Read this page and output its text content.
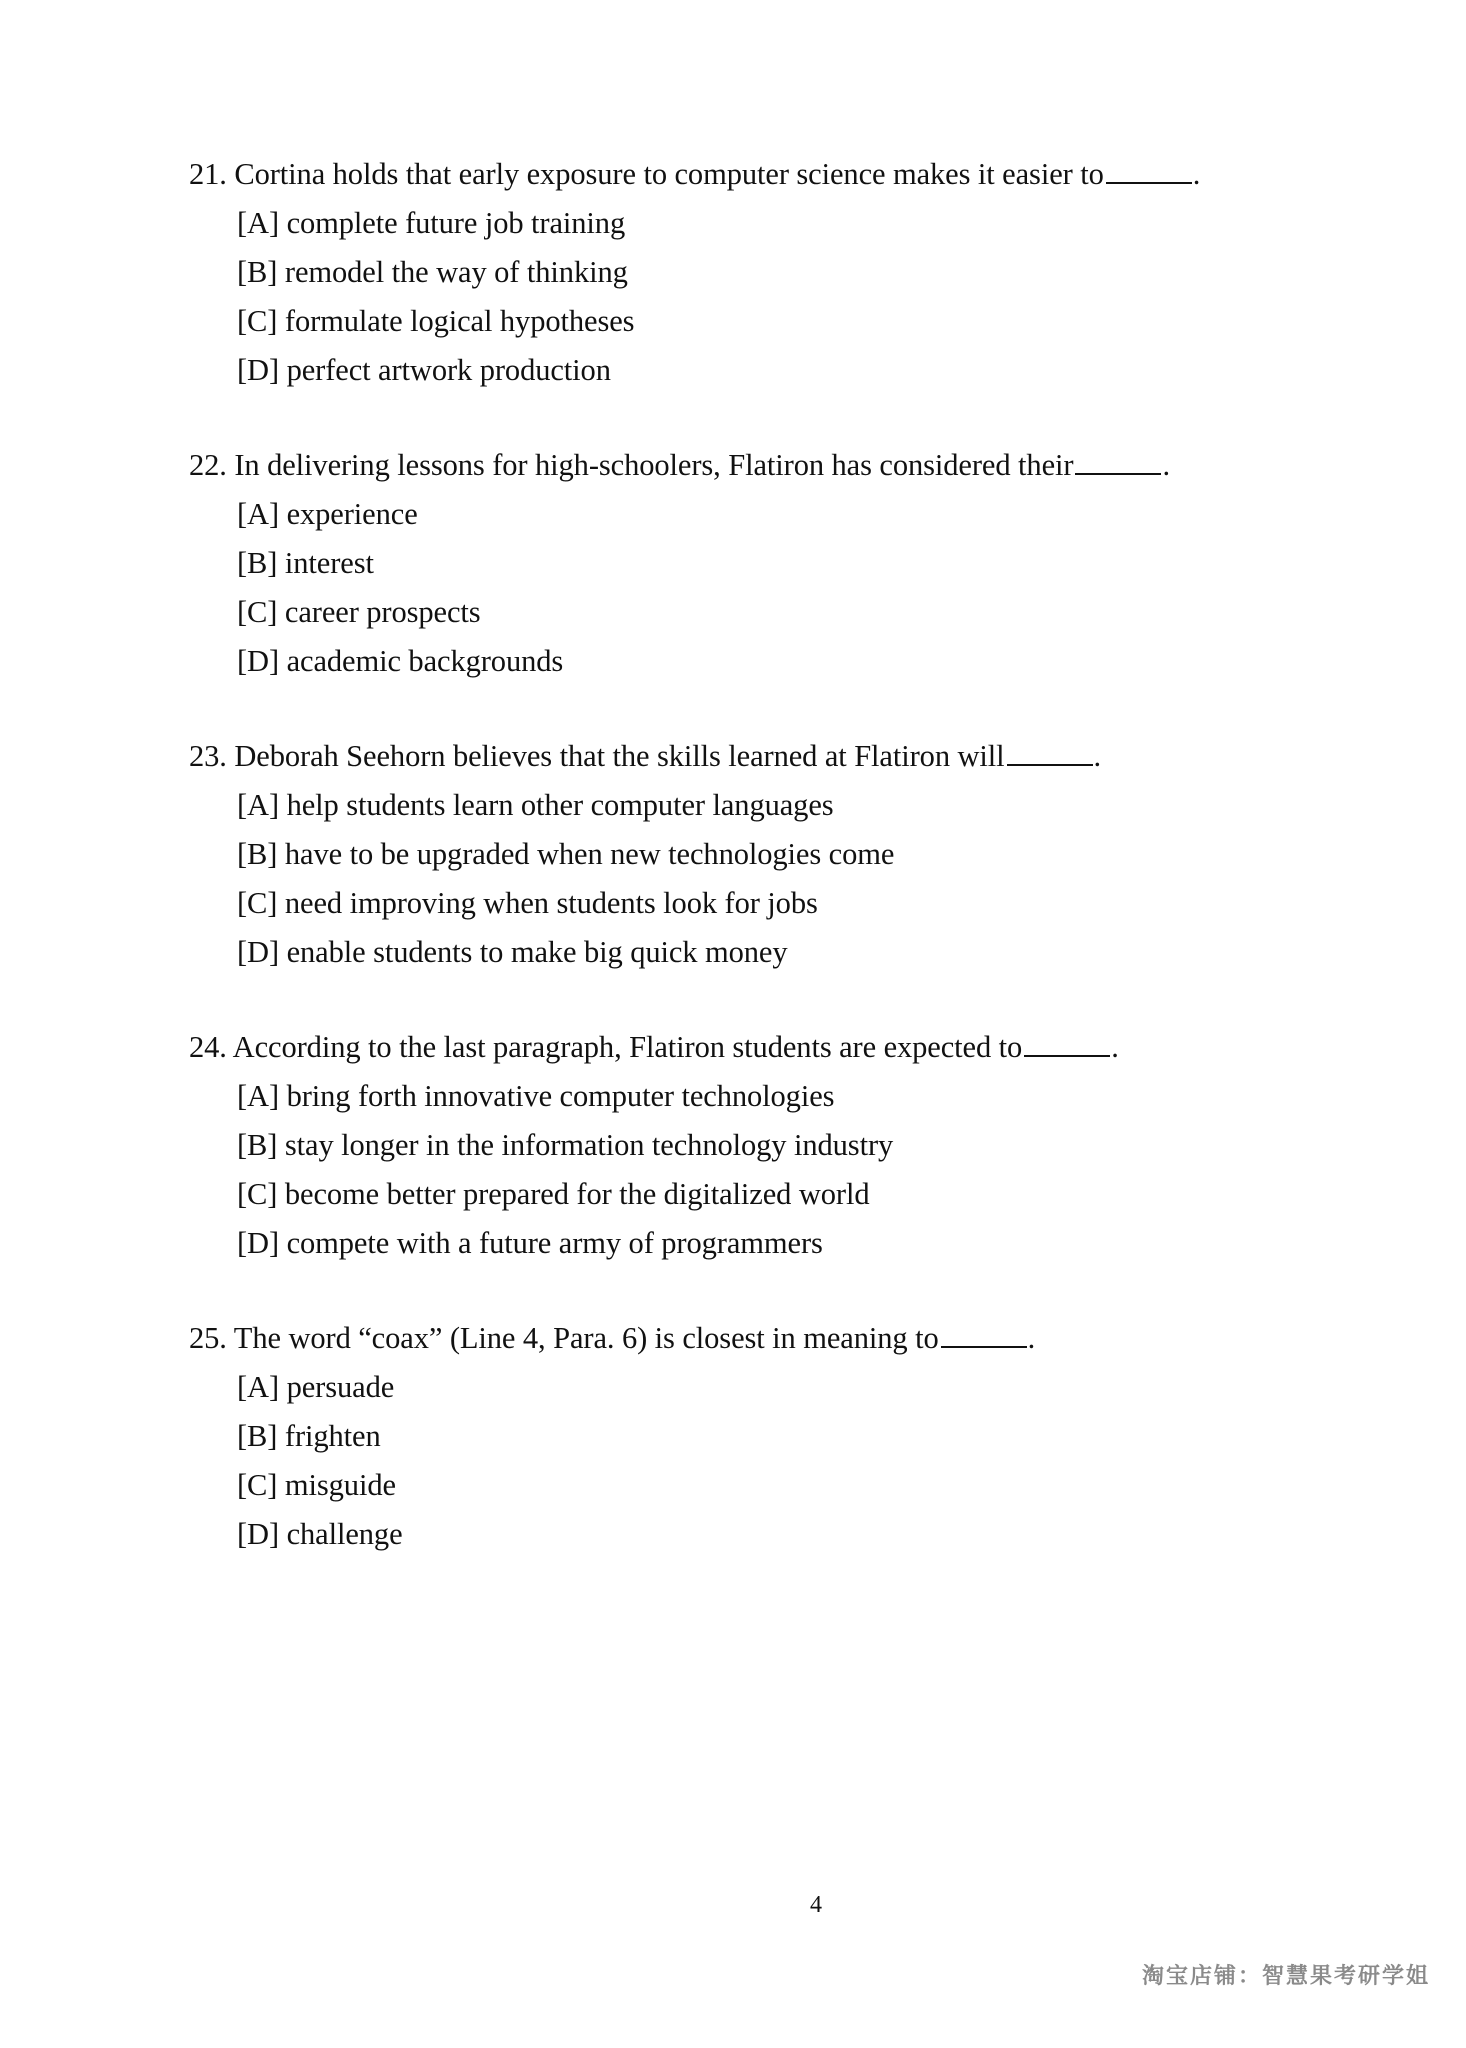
21. Cortina holds that early exposure to computer science makes it easier to	.
[A] complete future job training
[B] remodel the way of thinking
[C] formulate logical hypotheses
[D] perfect artwork production
22. In delivering lessons for high-schoolers, Flatiron has considered their	.
[A] experience
[B] interest
[C] career prospects
[D] academic backgrounds
23. Deborah Seehorn believes that the skills learned at Flatiron will	.
[A] help students learn other computer languages
[B] have to be upgraded when new technologies come
[C] need improving when students look for jobs
[D] enable students to make big quick money
24. According to the last paragraph, Flatiron students are expected to	.
[A] bring forth innovative computer technologies
[B] stay longer in the information technology industry
[C] become better prepared for the digitalized world
[D] compete with a future army of programmers
25. The word “coax” (Line 4, Para. 6) is closest in meaning to	.
[A] persuade
[B] frighten
[C] misguide
[D] challenge
4
淘宝店铺：智慧果考研学姐
